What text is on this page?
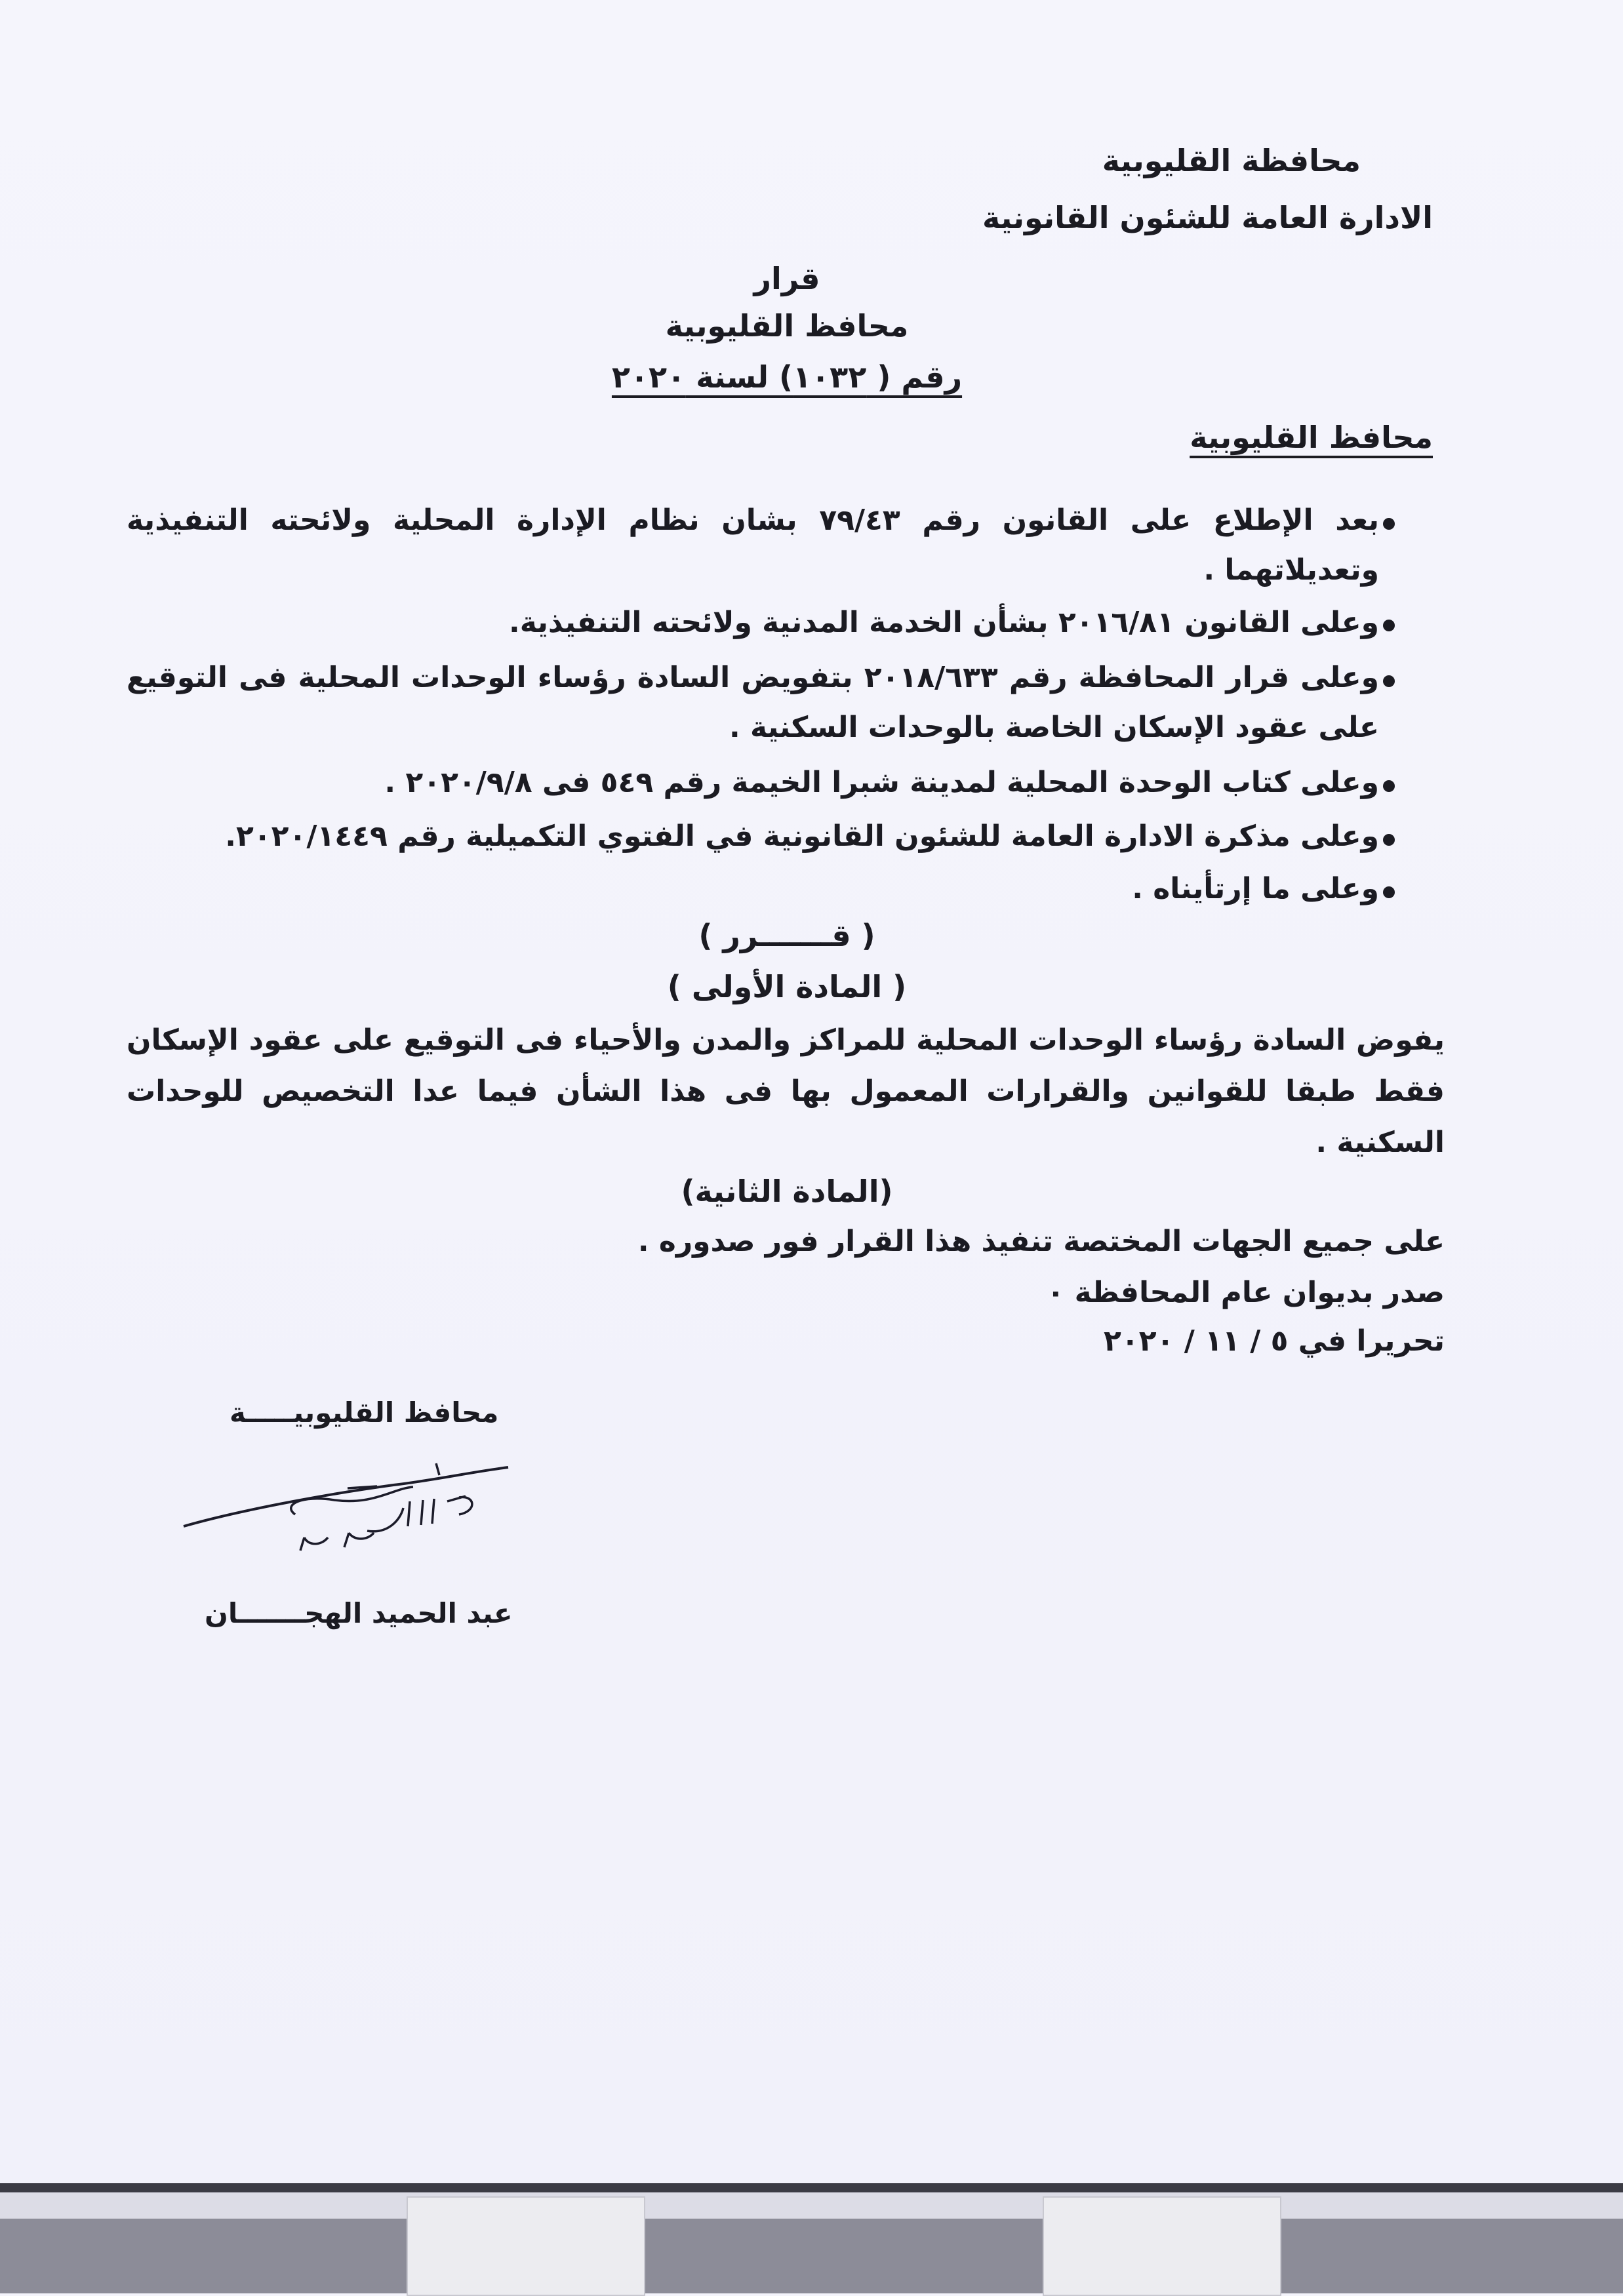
محافظة القليوبية
الادارة العامة للشئون القانونية
قرار
محافظ القليوبية
رقم ( ١٠٣٢) لسنة ٢٠٢٠
محافظ القليوبية
بعد الإطلاع على القانون رقم ٧٩/٤٣ بشان نظام الإدارة المحلية ولائحته التنفيذية وتعديلاتهما .
وعلى القانون ٢٠١٦/٨١ بشأن الخدمة المدنية ولائحته التنفيذية.
وعلى قرار المحافظة رقم ٢٠١٨/٦٣٣ بتفويض السادة رؤساء الوحدات المحلية فى التوقيع على عقود الإسكان الخاصة بالوحدات السكنية .
وعلى كتاب الوحدة المحلية لمدينة شبرا الخيمة رقم ٥٤٩ فى ٢٠٢٠/٩/٨ .
وعلى مذكرة الادارة العامة للشئون القانونية في الفتوي التكميلية رقم ٢٠٢٠/١٤٤٩.
وعلى ما إرتأيناه .
( قـــــــرر )
( المادة الأولى )
يفوض السادة رؤساء الوحدات المحلية للمراكز والمدن والأحياء فى التوقيع على عقود الإسكان فقط طبقا للقوانين والقرارات المعمول بها فى هذا الشأن فيما عدا التخصيص للوحدات السكنية .
(المادة الثانية)
على جميع الجهات المختصة تنفيذ هذا القرار فور صدوره .
صدر بديوان عام المحافظة ٠
تحريرا في ٥ / ١١ / ٢٠٢٠
محافظ القليوبيـــــة
عبد الحميد الهجـــــــان
